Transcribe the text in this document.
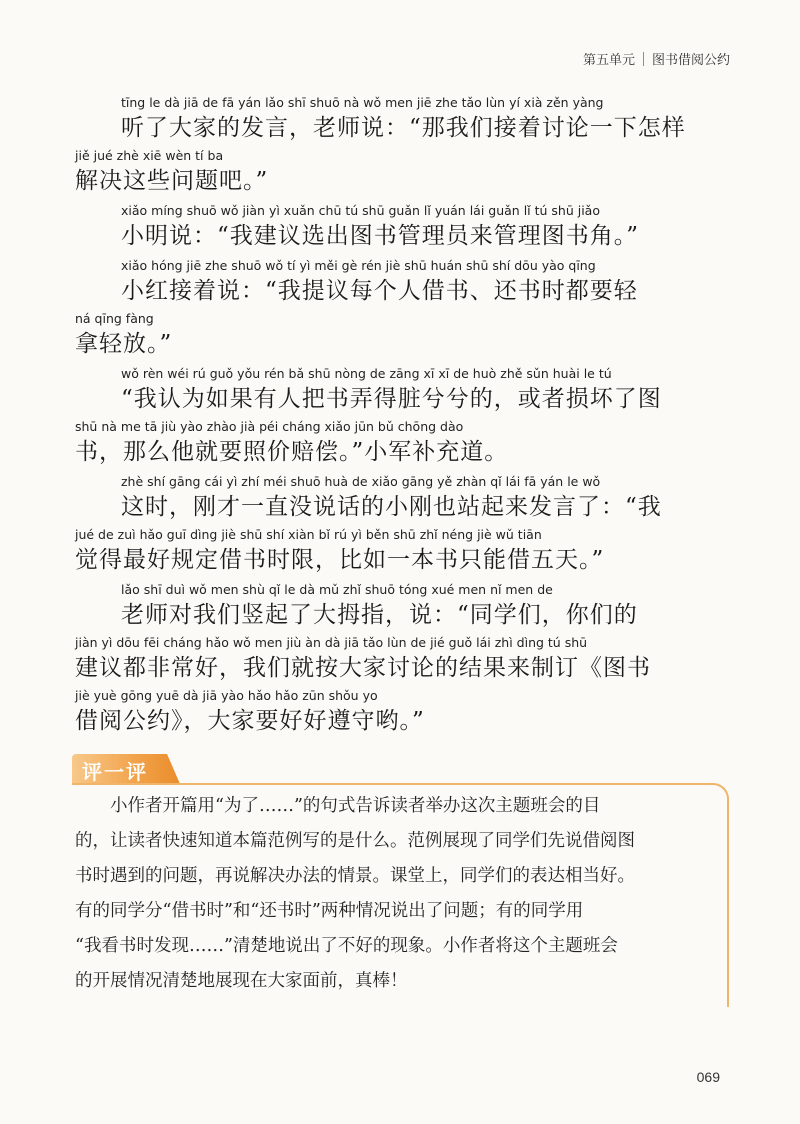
第五单元 图书借阅公约
tīng le dà jiā de fā yán lǎo shī shuō nà wǒ men jiē zhe tǎo lùn yí xià zěn yàng
听了大家的发言，老师说：“那我们接着讨论一下怎样
jiě jué zhè xiē wèn tí ba
解决这些问题吧。”
xiǎo míng shuō wǒ jiàn yì xuǎn chū tú shū guǎn lǐ yuán lái guǎn lǐ tú shū jiǎo
小明说：“我建议选出图书管理员来管理图书角。”
xiǎo hóng jiē zhe shuō wǒ tí yì měi gè rén jiè shū huán shū shí dōu yào qīng
小红接着说：“我提议每个人借书、还书时都要轻
ná qīng fàng
拿轻放。”
wǒ rèn wéi rú guǒ yǒu rén bǎ shū nòng de zāng xī xī de huò zhě sǔn huài le tú
“我认为如果有人把书弄得脏兮兮的，或者损坏了图
shū nà me tā jiù yào zhào jià péi cháng xiǎo jūn bǔ chōng dào
书，那么他就要照价赔偿。”小军补充道。
zhè shí gāng cái yì zhí méi shuō huà de xiǎo gāng yě zhàn qǐ lái fā yán le wǒ
这时，刚才一直没说话的小刚也站起来发言了：“我
jué de zuì hǎo guī dìng jiè shū shí xiàn bǐ rú yì běn shū zhǐ néng jiè wǔ tiān
觉得最好规定借书时限，比如一本书只能借五天。”
lǎo shī duì wǒ men shù qǐ le dà mǔ zhǐ shuō tóng xué men nǐ men de
老师对我们竖起了大拇指，说：“同学们，你们的
jiàn yì dōu fēi cháng hǎo wǒ men jiù àn dà jiā tǎo lùn de jié guǒ lái zhì dìng tú shū
建议都非常好，我们就按大家讨论的结果来制订《图书
jiè yuè gōng yuē dà jiā yào hǎo hǎo zūn shǒu yo
借阅公约》，大家要好好遵守哟。”
评一评
　　小作者开篇用“为了……”的句式告诉读者举办这次主题班会的目
的，让读者快速知道本篇范例写的是什么。范例展现了同学们先说借阅图
书时遇到的问题，再说解决办法的情景。课堂上，同学们的表达相当好。
有的同学分“借书时”和“还书时”两种情况说出了问题；有的同学用
“我看书时发现……”清楚地说出了不好的现象。小作者将这个主题班会
的开展情况清楚地展现在大家面前，真棒！
069
